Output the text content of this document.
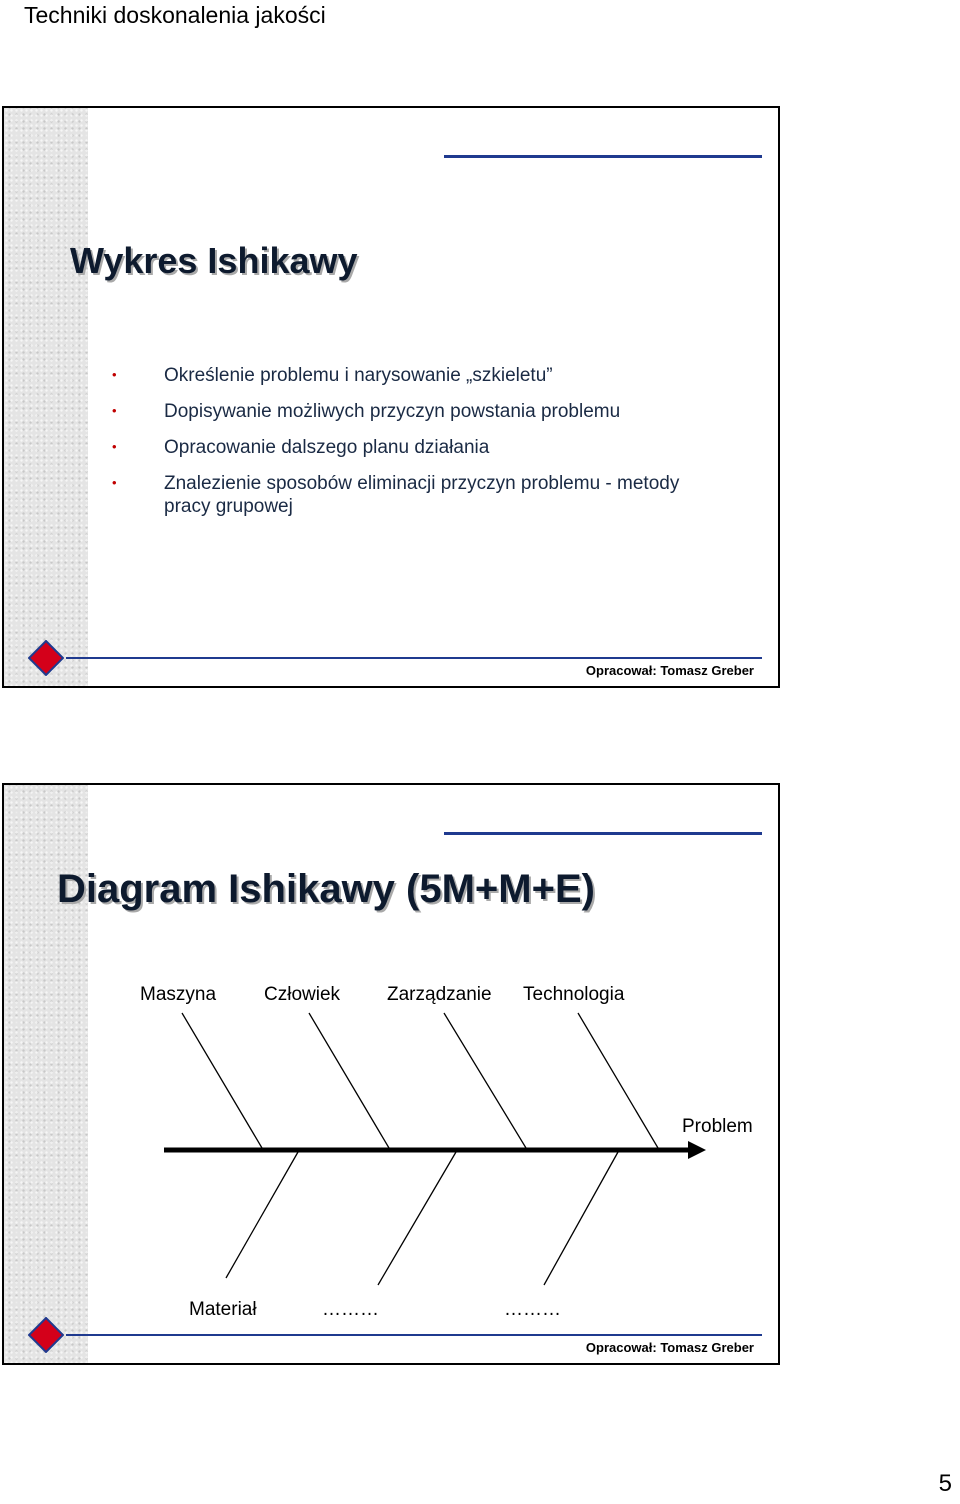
Techniki doskonalenia jakości
Wykres Ishikawy
• Określenie problemu i narysowanie „szkieletu”
• Dopisywanie możliwych przyczyn powstania problemu
• Opracowanie dalszego planu działania
• Znalezienie sposobów eliminacji przyczyn problemu - metody pracy grupowej
Opracował: Tomasz Greber
Diagram Ishikawy (5M+M+E)
Maszyna	Człowiek Zarządzanie Technologia
Problem
Materiał	………	………
Opracował: Tomasz Greber
5
